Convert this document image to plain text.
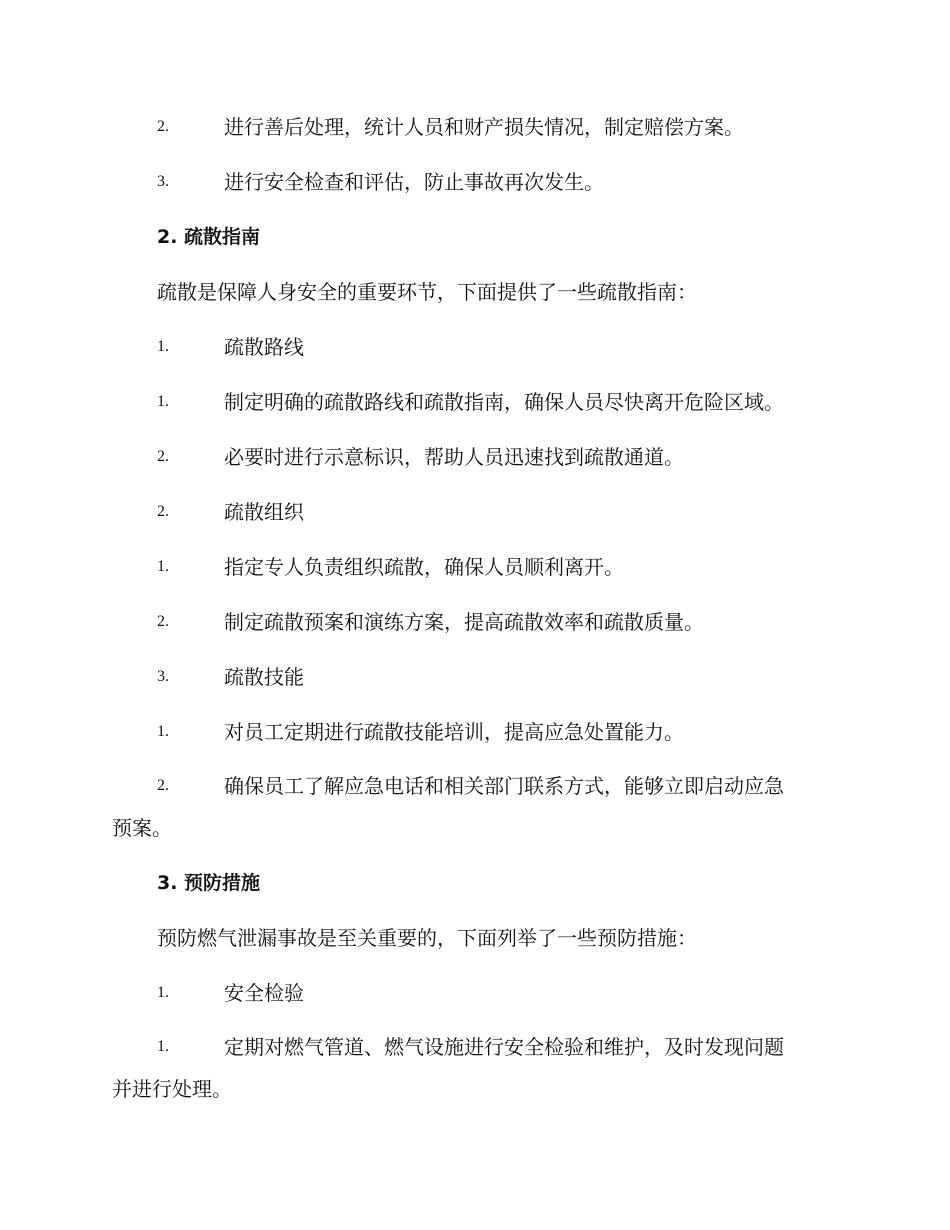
2.	进行善后处理，统计人员和财产损失情况，制定赔偿方案。
3.	进行安全检查和评估，防止事故再次发生。
2. 疏散指南
疏散是保障人身安全的重要环节，下面提供了一些疏散指南：
1.	疏散路线
1.	制定明确的疏散路线和疏散指南，确保人员尽快离开危险区域。
2.	必要时进行示意标识，帮助人员迅速找到疏散通道。
2.	疏散组织
1.	指定专人负责组织疏散，确保人员顺利离开。
2.	制定疏散预案和演练方案，提高疏散效率和疏散质量。
3.	疏散技能
1.	对员工定期进行疏散技能培训，提高应急处置能力。
2.	确保员工了解应急电话和相关部门联系方式，能够立即启动应急
预案。
3. 预防措施
预防燃气泄漏事故是至关重要的，下面列举了一些预防措施：
1.	安全检验
1.	定期对燃气管道、燃气设施进行安全检验和维护，及时发现问题
并进行处理。
